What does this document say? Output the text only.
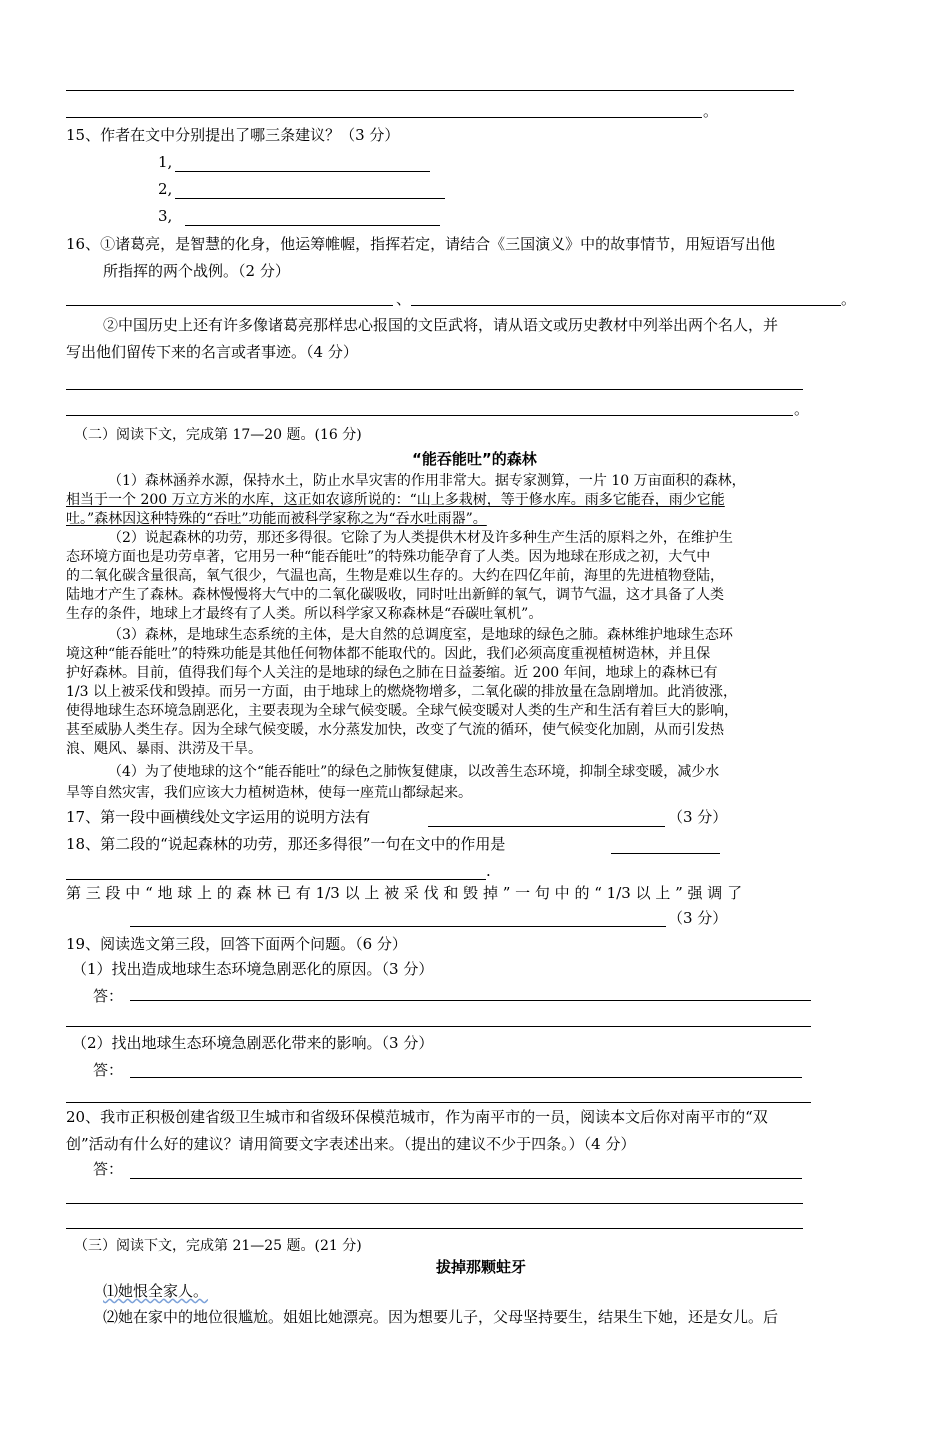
。
15、作者在文中分别提出了哪三条建议？（3 分）
1,
2,
3,
16、①诸葛亮，是智慧的化身，他运筹帷幄，指挥若定，请结合《三国演义》中的故事情节，用短语写出他
所指挥的两个战例。（2 分）
、	。
②中国历史上还有许多像诸葛亮那样忠心报国的文臣武将，请从语文或历史教材中列举出两个名人，并
写出他们留传下来的名言或者事迹。（4 分）
。
（二）阅读下文，完成第 17—20 题。(16 分)
“能吞能吐”的森林
（1）森林涵养水源，保持水土，防止水旱灾害的作用非常大。据专家测算，一片 10 万亩面积的森林，
相当于一个 200 万立方米的水库，这正如农谚所说的：“山上多栽树，等于修水库。雨多它能吞，雨少它能
吐。”森林因这种特殊的“吞吐”功能而被科学家称之为“吞水吐雨器”。
（2）说起森林的功劳，那还多得很。它除了为人类提供木材及许多种生产生活的原料之外，在维护生
态环境方面也是功劳卓著，它用另一种“能吞能吐”的特殊功能孕育了人类。因为地球在形成之初，大气中
的二氧化碳含量很高，氧气很少，气温也高，生物是难以生存的。大约在四亿年前，海里的先进植物登陆，
陆地才产生了森林。森林慢慢将大气中的二氧化碳吸收，同时吐出新鲜的氧气，调节气温，这才具备了人类
生存的条件，地球上才最终有了人类。所以科学家又称森林是“吞碳吐氧机”。
（3）森林，是地球生态系统的主体，是大自然的总调度室，是地球的绿色之肺。森林维护地球生态环
境这种“能吞能吐”的特殊功能是其他任何物体都不能取代的。因此，我们必须高度重视植树造林，并且保
护好森林。目前，值得我们每个人关注的是地球的绿色之肺在日益萎缩。近 200 年间，地球上的森林已有
1/3 以上被采伐和毁掉。而另一方面，由于地球上的燃烧物增多，二氧化碳的排放量在急剧增加。此消彼涨，
使得地球生态环境急剧恶化，主要表现为全球气候变暖。全球气候变暖对人类的生产和生活有着巨大的影响，
甚至威胁人类生存。因为全球气候变暖，水分蒸发加快，改变了气流的循环，使气候变化加剧，从而引发热
浪、飓风、暴雨、洪涝及干旱。
（4）为了使地球的这个“能吞能吐”的绿色之肺恢复健康，以改善生态环境，抑制全球变暖，减少水
旱等自然灾害，我们应该大力植树造林，使每一座荒山都绿起来。
17、第一段中画横线处文字运用的说明方法有	（3 分）
18、第二段的“说起森林的功劳，那还多得很”一句在文中的作用是
.
第 三 段 中 “ 地 球 上 的 森 林 已 有 1/3 以 上 被 采 伐 和 毁 掉 ” 一 句 中 的 “ 1/3 以 上 ” 强 调 了
（3 分）
19、阅读选文第三段，回答下面两个问题。（6 分）
（1）找出造成地球生态环境急剧恶化的原因。（3 分）
答：
（2）找出地球生态环境急剧恶化带来的影响。（3 分）
答：
20、我市正积极创建省级卫生城市和省级环保模范城市，作为南平市的一员，阅读本文后你对南平市的“双
创”活动有什么好的建议？请用简要文字表述出来。（提出的建议不少于四条。）（4 分）
答：
（三）阅读下文，完成第 21—25 题。(21 分)
拔掉那颗蛀牙
⑴她恨全家人。
⑵她在家中的地位很尴尬。姐姐比她漂亮。因为想要儿子，父母坚持要生，结果生下她，还是女儿。后
